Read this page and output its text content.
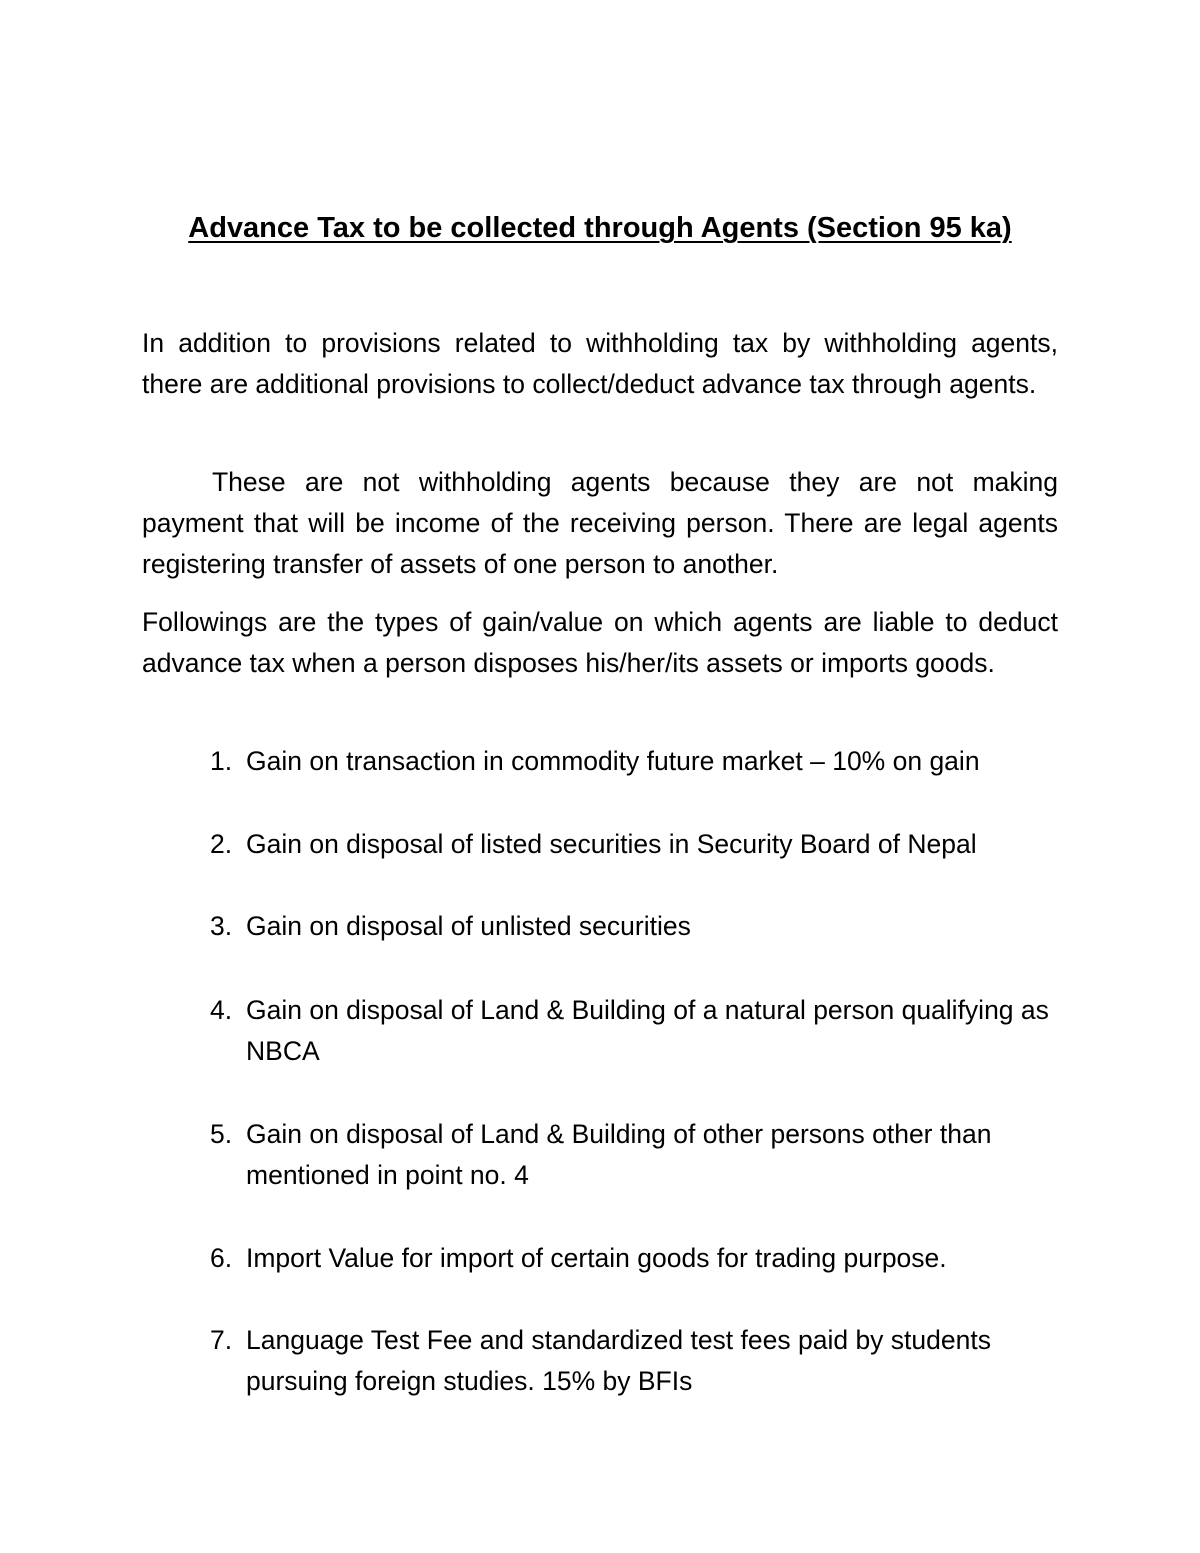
Advance Tax to be collected through Agents (Section 95 ka)

In addition to provisions related to withholding tax by withholding agents, there are additional provisions to collect/deduct advance tax through agents.

These are not withholding agents because they are not making payment that will be income of the receiving person. There are legal agents registering transfer of assets of one person to another.

Followings are the types of gain/value on which agents are liable to deduct advance tax when a person disposes his/her/its assets or imports goods.

1. Gain on transaction in commodity future market – 10% on gain
2. Gain on disposal of listed securities in Security Board of Nepal
3. Gain on disposal of unlisted securities
4. Gain on disposal of Land & Building of a natural person qualifying as NBCA
5. Gain on disposal of Land & Building of other persons other than mentioned in point no. 4
6. Import Value for import of certain goods for trading purpose.
7. Language Test Fee and standardized test fees paid by students pursuing foreign studies. 15% by BFIs
